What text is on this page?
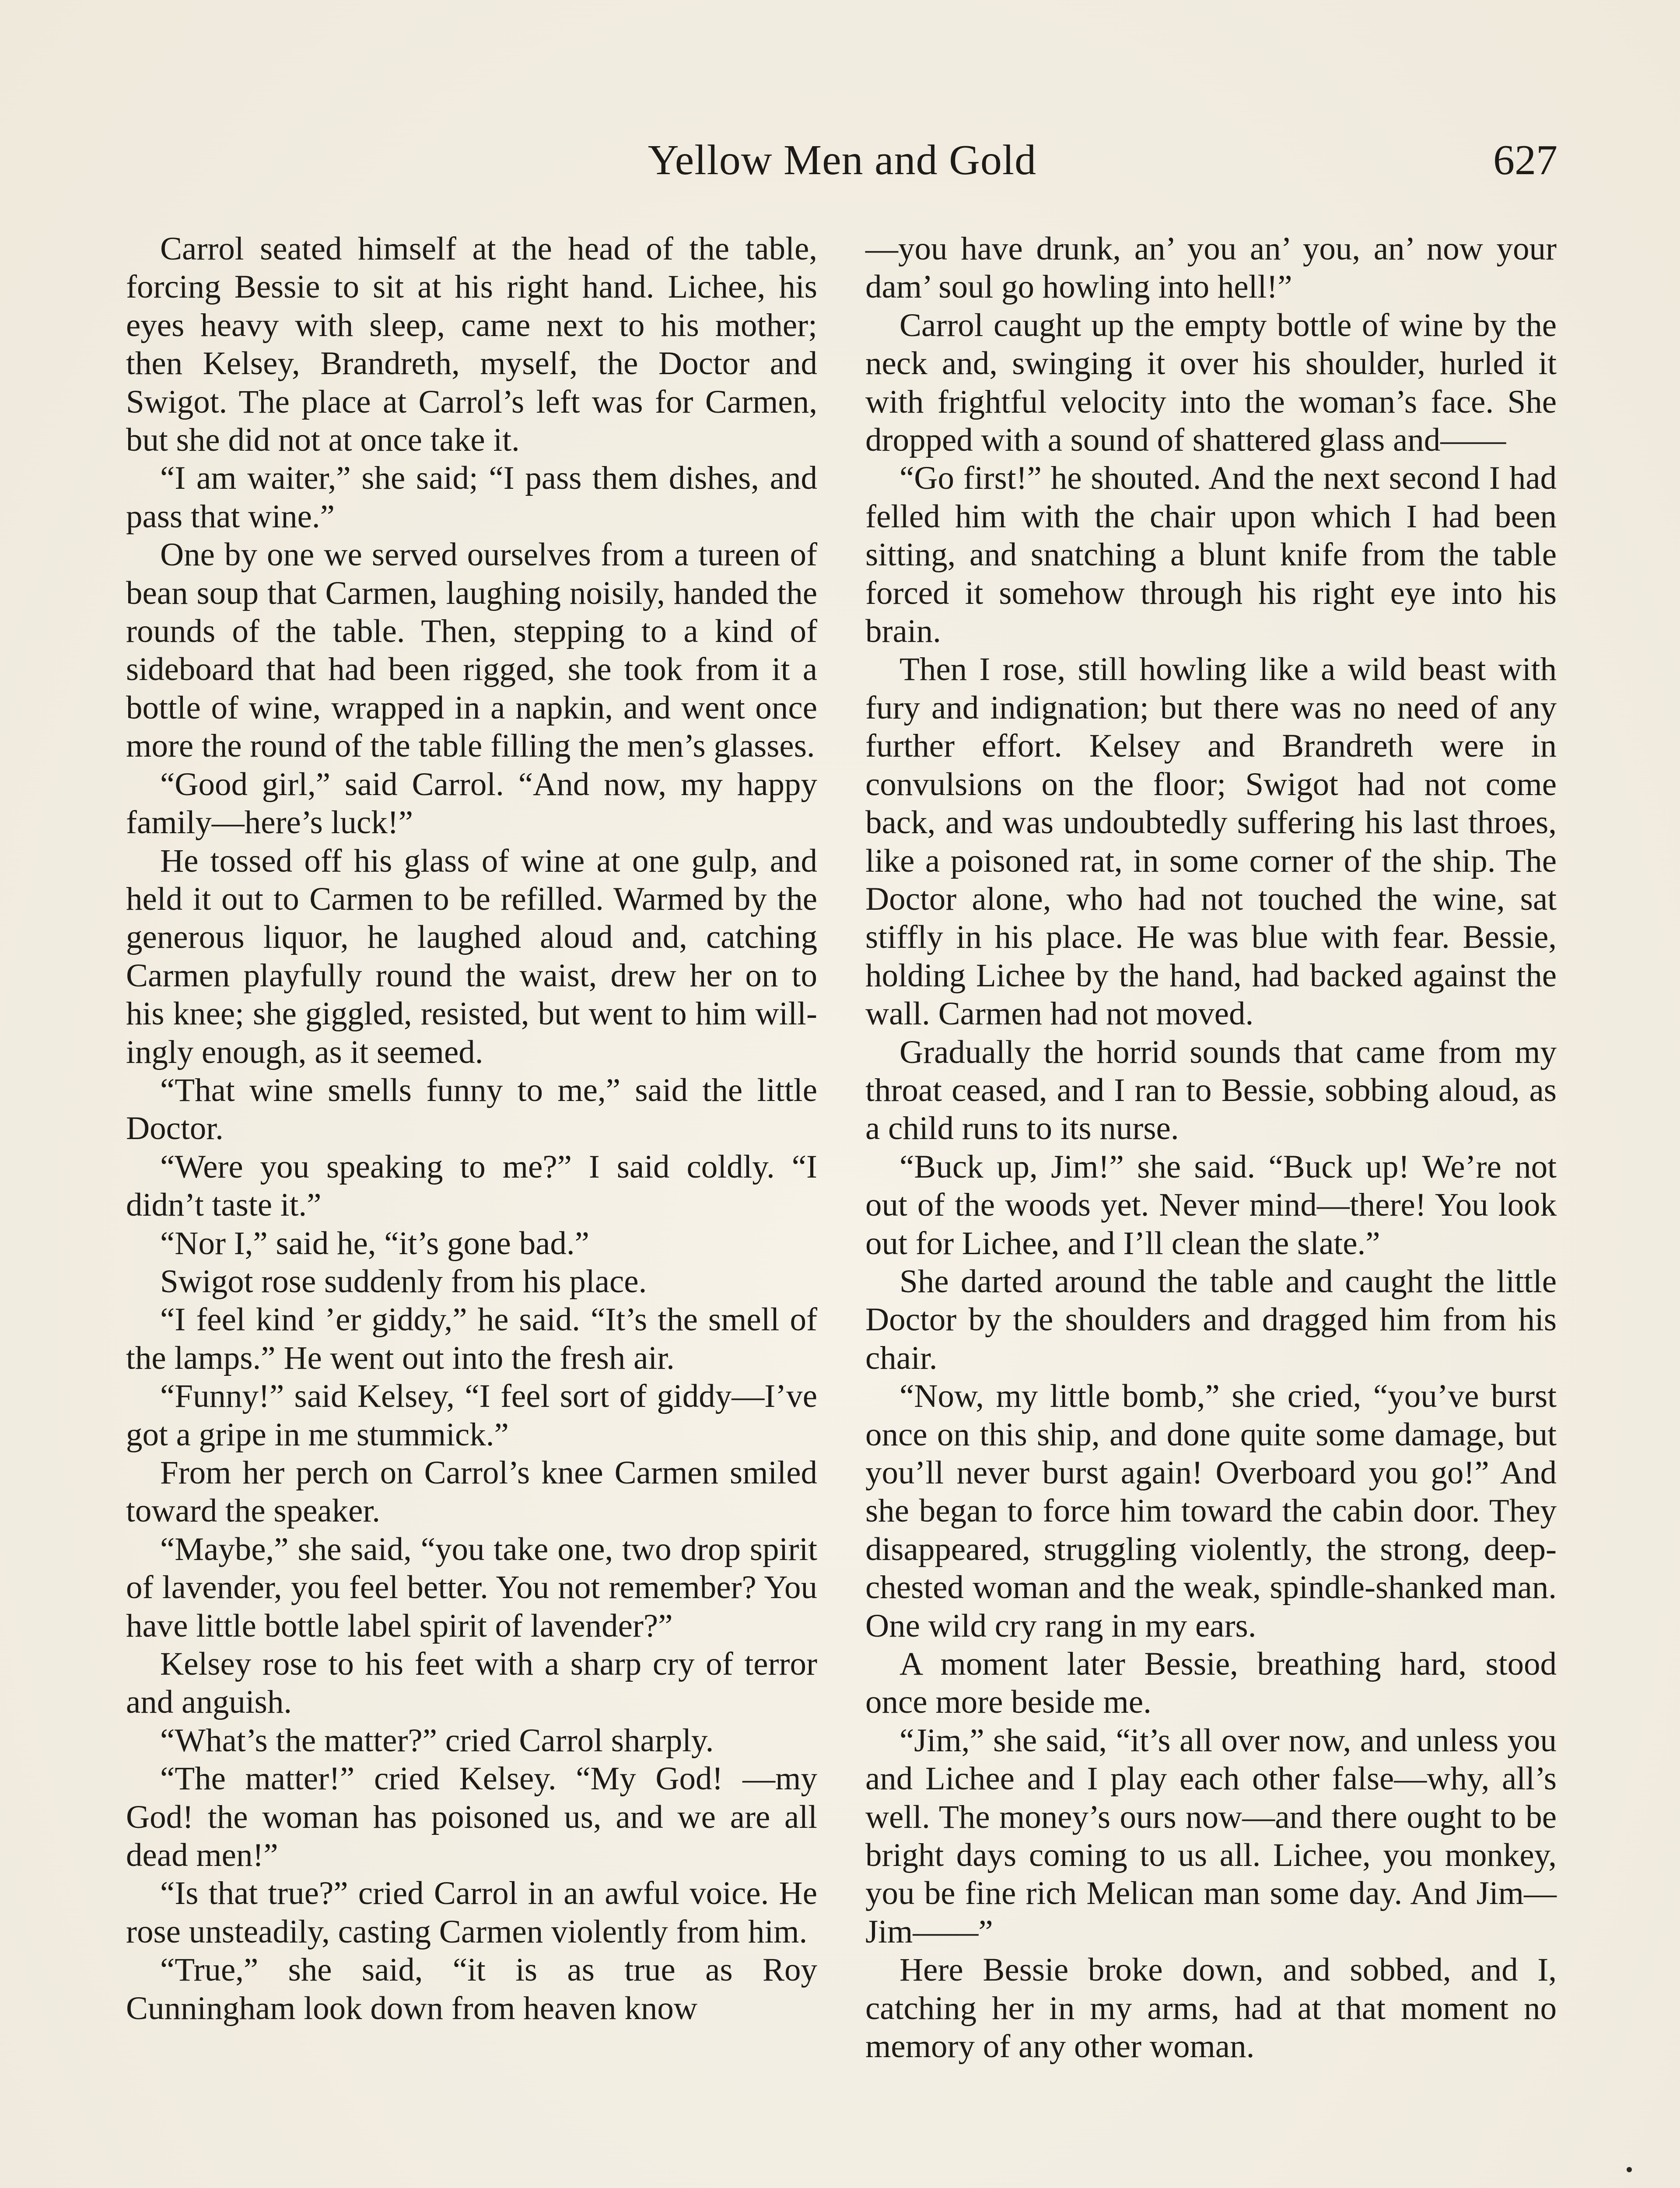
Yellow Men and Gold	627

Carrol seated himself at the head of the table, forcing Bessie to sit at his right hand. Lichee, his eyes heavy with sleep, came next to his mother; then Kelsey, Brandreth, myself, the Doctor and Swigot. The place at Carrol’s left was for Carmen, but she did not at once take it.

“I am waiter,” she said; “I pass them dishes, and pass that wine.”

One by one we served ourselves from a tureen of bean soup that Carmen, laughing noisily, handed the rounds of the table. Then, stepping to a kind of sideboard that had been rigged, she took from it a bottle of wine, wrapped in a napkin, and went once more the round of the table filling the men’s glasses.

“Good girl,” said Carrol. “And now, my happy family—here’s luck!”

He tossed off his glass of wine at one gulp, and held it out to Carmen to be refilled. Warmed by the generous liquor, he laughed aloud and, catching Carmen playfully round the waist, drew her on to his knee; she giggled, resisted, but went to him willingly enough, as it seemed.

“That wine smells funny to me,” said the little Doctor.

“Were you speaking to me?” I said coldly. “I didn’t taste it.”

“Nor I,” said he, “it’s gone bad.”

Swigot rose suddenly from his place.

“I feel kind ’er giddy,” he said. “It’s the smell of the lamps.” He went out into the fresh air.

“Funny!” said Kelsey, “I feel sort of giddy—I’ve got a gripe in me stummick.”

From her perch on Carrol’s knee Carmen smiled toward the speaker.

“Maybe,” she said, “you take one, two drop spirit of lavender, you feel better. You not remember? You have little bottle label spirit of lavender?”

Kelsey rose to his feet with a sharp cry of terror and anguish.

“What’s the matter?” cried Carrol sharply.

“The matter!” cried Kelsey. “My God! —my God! the woman has poisoned us, and we are all dead men!”

“Is that true?” cried Carrol in an awful voice. He rose unsteadily, casting Carmen violently from him.

“True,” she said, “it is as true as Roy Cunningham look down from heaven know

—you have drunk, an’ you an’ you, an’ now your dam’ soul go howling into hell!”

Carrol caught up the empty bottle of wine by the neck and, swinging it over his shoulder, hurled it with frightful velocity into the woman’s face. She dropped with a sound of shattered glass and——

“Go first!” he shouted. And the next second I had felled him with the chair upon which I had been sitting, and snatching a blunt knife from the table forced it somehow through his right eye into his brain.

Then I rose, still howling like a wild beast with fury and indignation; but there was no need of any further effort. Kelsey and Brandreth were in convulsions on the floor; Swigot had not come back, and was undoubtedly suffering his last throes, like a poisoned rat, in some corner of the ship. The Doctor alone, who had not touched the wine, sat stiffly in his place. He was blue with fear. Bessie, holding Lichee by the hand, had backed against the wall. Carmen had not moved.

Gradually the horrid sounds that came from my throat ceased, and I ran to Bessie, sobbing aloud, as a child runs to its nurse.

“Buck up, Jim!” she said. “Buck up! We’re not out of the woods yet. Never mind—there! You look out for Lichee, and I’ll clean the slate.”

She darted around the table and caught the little Doctor by the shoulders and dragged him from his chair.

“Now, my little bomb,” she cried, “you’ve burst once on this ship, and done quite some damage, but you’ll never burst again! Overboard you go!” And she began to force him toward the cabin door. They disappeared, struggling violently, the strong, deep-chested woman and the weak, spindle-shanked man. One wild cry rang in my ears.

A moment later Bessie, breathing hard, stood once more beside me.

“Jim,” she said, “it’s all over now, and unless you and Lichee and I play each other false—why, all’s well. The money’s ours now—and there ought to be bright days coming to us all. Lichee, you monkey, you be fine rich Melican man some day. And Jim—Jim——”

Here Bessie broke down, and sobbed, and I, catching her in my arms, had at that moment no memory of any other woman.
